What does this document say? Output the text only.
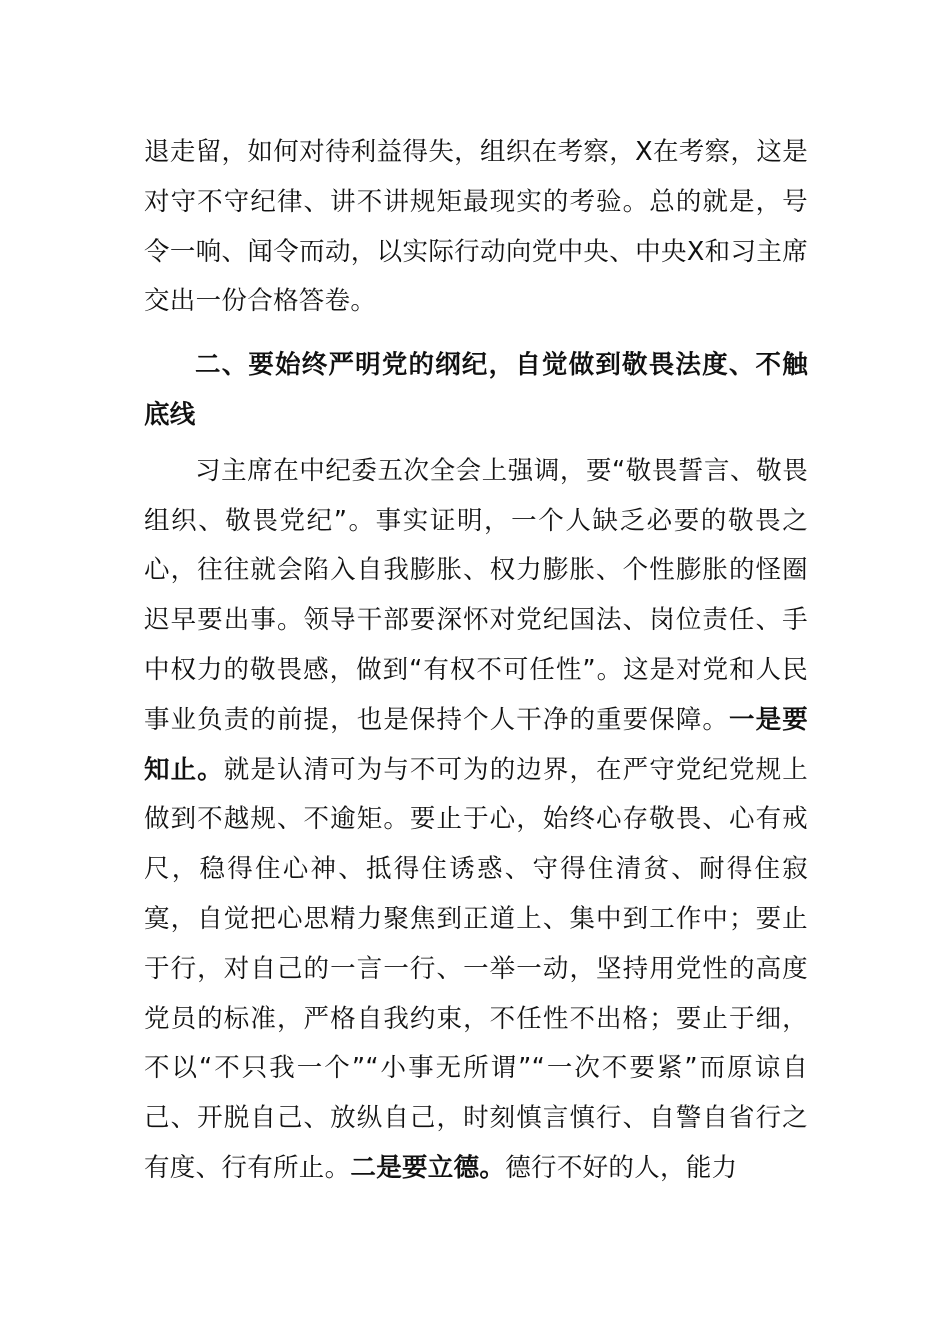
退走留，如何对待利益得失，组织在考察，X在考察，这是对守不守纪律、讲不讲规矩最现实的考验。总的就是，号令一响、闻令而动，以实际行动向党中央、中央X和习主席交出一份合格答卷。

二、要始终严明党的纲纪，自觉做到敬畏法度、不触底线

习主席在中纪委五次全会上强调，要“敬畏誓言、敬畏组织、敬畏党纪”。事实证明，一个人缺乏必要的敬畏之心，往往就会陷入自我膨胀、权力膨胀、个性膨胀的怪圈迟早要出事。领导干部要深怀对党纪国法、岗位责任、手中权力的敬畏感，做到“有权不可任性”。这是对党和人民事业负责的前提，也是保持个人干净的重要保障。一是要知止。就是认清可为与不可为的边界，在严守党纪党规上做到不越规、不逾矩。要止于心，始终心存敬畏、心有戒尺，稳得住心神、抵得住诱惑、守得住清贫、耐得住寂寞，自觉把心思精力聚焦到正道上、集中到工作中；要止于行，对自己的一言一行、一举一动，坚持用党性的高度党员的标准，严格自我约束，不任性不出格；要止于细，不以“不只我一个”“小事无所谓”“一次不要紧”而原谅自己、开脱自己、放纵自己，时刻慎言慎行、自警自省行之有度、行有所止。二是要立德。德行不好的人，能力
